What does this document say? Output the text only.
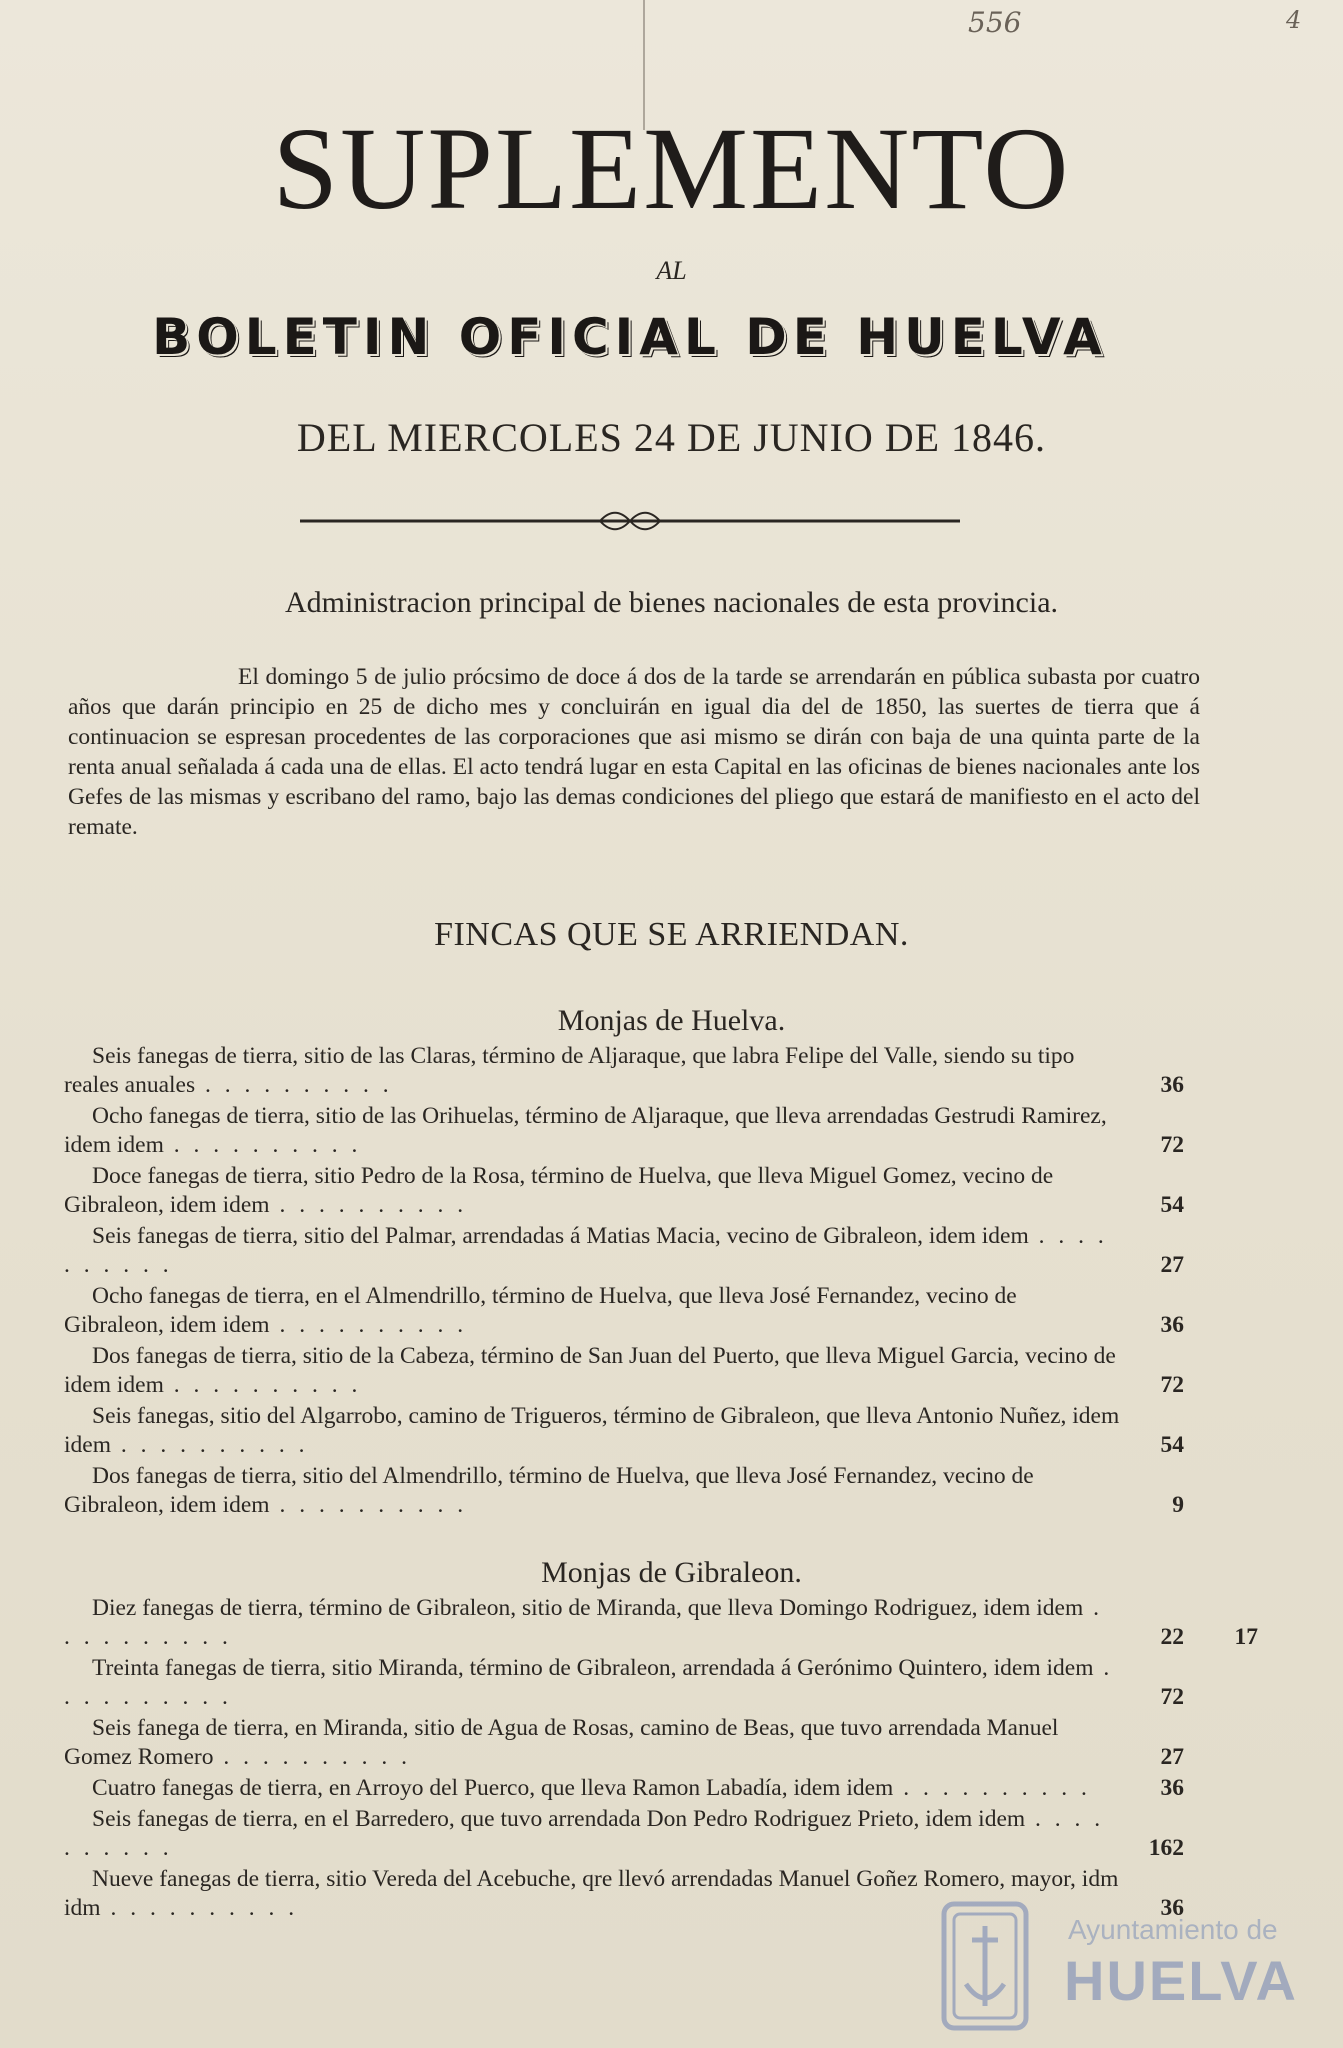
556	4
SUPLEMENTO
AL
BOLETIN OFICIAL DE HUELVA
DEL MIERCOLES 24 DE JUNIO DE 1846.
Administracion principal de bienes nacionales de esta provincia.
El domingo 5 de julio prócsimo de doce á dos de la tarde se arrendarán en pública subasta por cuatro años que darán principio en 25 de dicho mes y concluirán en igual dia del de 1850, las suertes de tierra que á continuacion se espresan procedentes de las corporaciones que asi mismo se dirán con baja de una quinta parte de la renta anual señalada á cada una de ellas. El acto tendrá lugar en esta Capital en las oficinas de bienes nacionales ante los Gefes de las mismas y escribano del ramo, bajo las demas condiciones del pliego que estará de manifiesto en el acto del remate.
FINCAS QUE SE ARRIENDAN.
Monjas de Huelva.
Seis fanegas de tierra, sitio de las Claras, término de Aljaraque, que labra Felipe del Valle, siendo su tipo reales anuales . . . . . . . . . .	36
Ocho fanegas de tierra, sitio de las Orihuelas, término de Aljaraque, que lleva arrendadas Gestrudi Ramirez, idem idem . . . . . . . . . .	72
Doce fanegas de tierra, sitio Pedro de la Rosa, término de Huelva, que lleva Miguel Gomez, vecino de Gibraleon, idem idem . . . . . . . . . .	54
Seis fanegas de tierra, sitio del Palmar, arrendadas á Matias Macia, vecino de Gibraleon, idem idem . . . . . . . . . .	27
Ocho fanegas de tierra, en el Almendrillo, término de Huelva, que lleva José Fernandez, vecino de Gibraleon, idem idem . . . . . . . . . .	36
Dos fanegas de tierra, sitio de la Cabeza, término de San Juan del Puerto, que lleva Miguel Garcia, vecino de idem idem . . . . . . . . . .	72
Seis fanegas, sitio del Algarrobo, camino de Trigueros, término de Gibraleon, que lleva Antonio Nuñez, idem idem . . . . . . . . . .	54
Dos fanegas de tierra, sitio del Almendrillo, término de Huelva, que lleva José Fernandez, vecino de Gibraleon, idem idem . . . . . . . . . .	9
Monjas de Gibraleon.
Diez fanegas de tierra, término de Gibraleon, sitio de Miranda, que lleva Domingo Rodriguez, idem idem . . . . . . . . . .	22 17
Treinta fanegas de tierra, sitio Miranda, término de Gibraleon, arrendada á Gerónimo Quintero, idem idem . . . . . . . . . .	72
Seis fanega de tierra, en Miranda, sitio de Agua de Rosas, camino de Beas, que tuvo arrendada Manuel Gomez Romero . . . . . . . . . .	27
Cuatro fanegas de tierra, en Arroyo del Puerco, que lleva Ramon Labadía, idem idem . . . . . . . . . .	36
Seis fanegas de tierra, en el Barredero, que tuvo arrendada Don Pedro Rodriguez Prieto, idem idem . . . . . . . . . .	162
Nueve fanegas de tierra, sitio Vereda del Acebuche, qre llevó arrendadas Manuel Goñez Romero, mayor, idm idm . . . . . . . . . .	36
Ayuntamiento de
HUELVA
